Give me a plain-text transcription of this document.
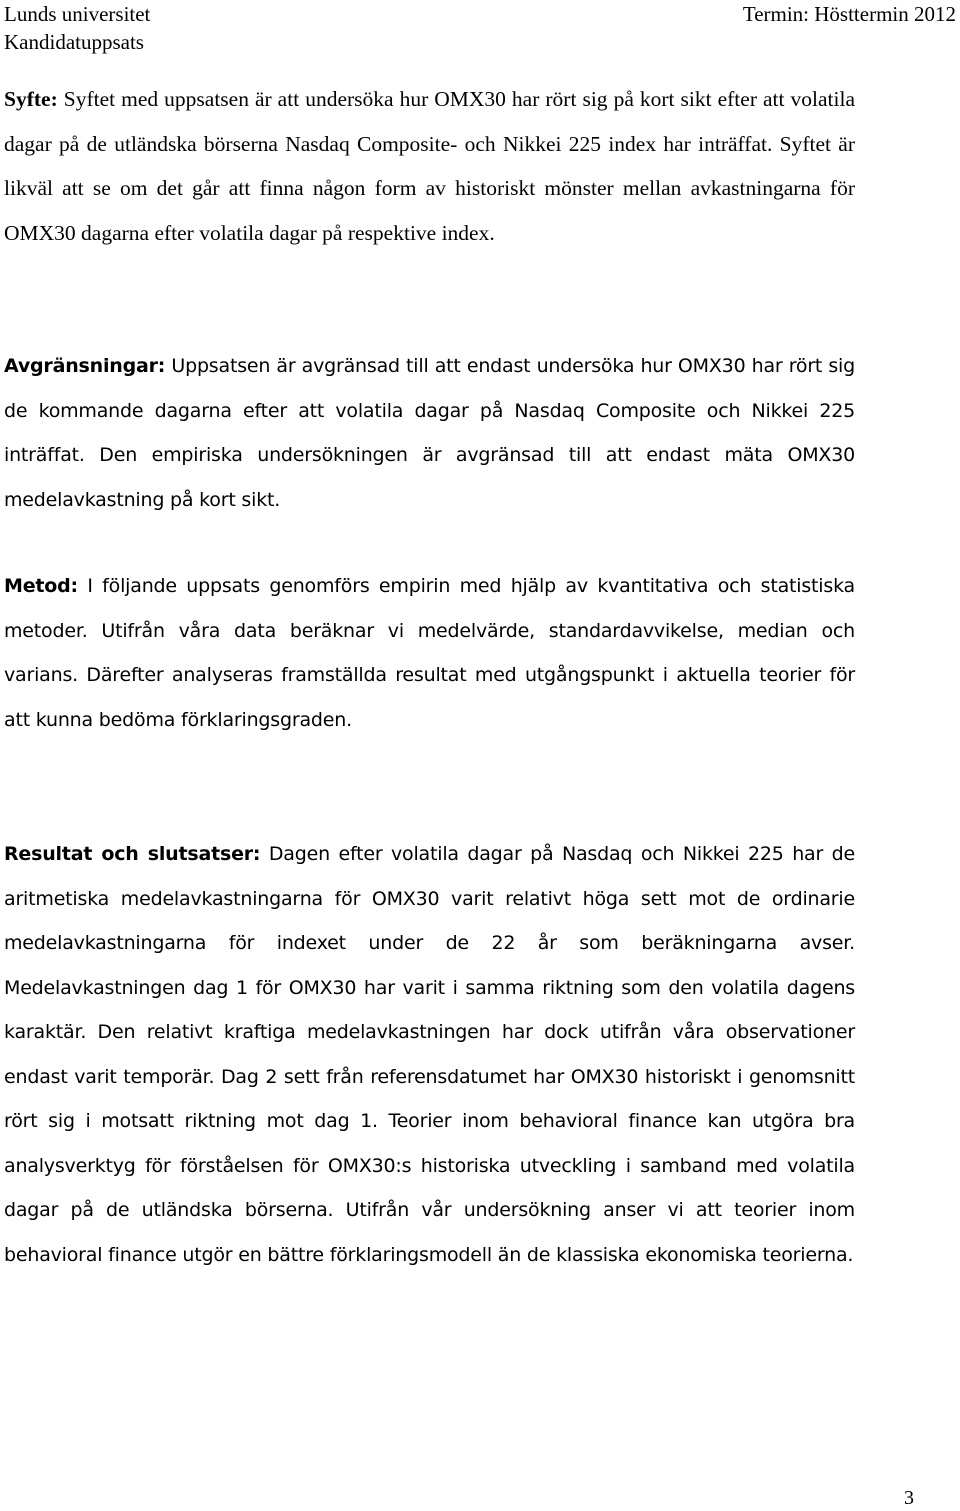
Lunds universitet
Kandidatuppsats
Termin: Hösttermin 2012

Syfte: Syftet med uppsatsen är att undersöka hur OMX30 har rört sig på kort sikt efter att volatila dagar på de utländska börserna Nasdaq Composite- och Nikkei 225 index har inträffat. Syftet är likväl att se om det går att finna någon form av historiskt mönster mellan avkastningarna för OMX30 dagarna efter volatila dagar på respektive index.

Avgränsningar: Uppsatsen är avgränsad till att endast undersöka hur OMX30 har rört sig de kommande dagarna efter att volatila dagar på Nasdaq Composite och Nikkei 225 inträffat. Den empiriska undersökningen är avgränsad till att endast mäta OMX30 medelavkastning på kort sikt.

Metod: I följande uppsats genomförs empirin med hjälp av kvantitativa och statistiska metoder. Utifrån våra data beräknar vi medelvärde, standardavvikelse, median och varians. Därefter analyseras framställda resultat med utgångspunkt i aktuella teorier för att kunna bedöma förklaringsgraden.

Resultat och slutsatser: Dagen efter volatila dagar på Nasdaq och Nikkei 225 har de aritmetiska medelavkastningarna för OMX30 varit relativt höga sett mot de ordinarie medelavkastningarna för indexet under de 22 år som beräkningarna avser. Medelavkastningen dag 1 för OMX30 har varit i samma riktning som den volatila dagens karaktär. Den relativt kraftiga medelavkastningen har dock utifrån våra observationer endast varit temporär. Dag 2 sett från referensdatumet har OMX30 historiskt i genomsnitt rört sig i motsatt riktning mot dag 1. Teorier inom behavioral finance kan utgöra bra analysverktyg för förståelsen för OMX30:s historiska utveckling i samband med volatila dagar på de utländska börserna. Utifrån vår undersökning anser vi att teorier inom behavioral finance utgör en bättre förklaringsmodell än de klassiska ekonomiska teorierna.

3
